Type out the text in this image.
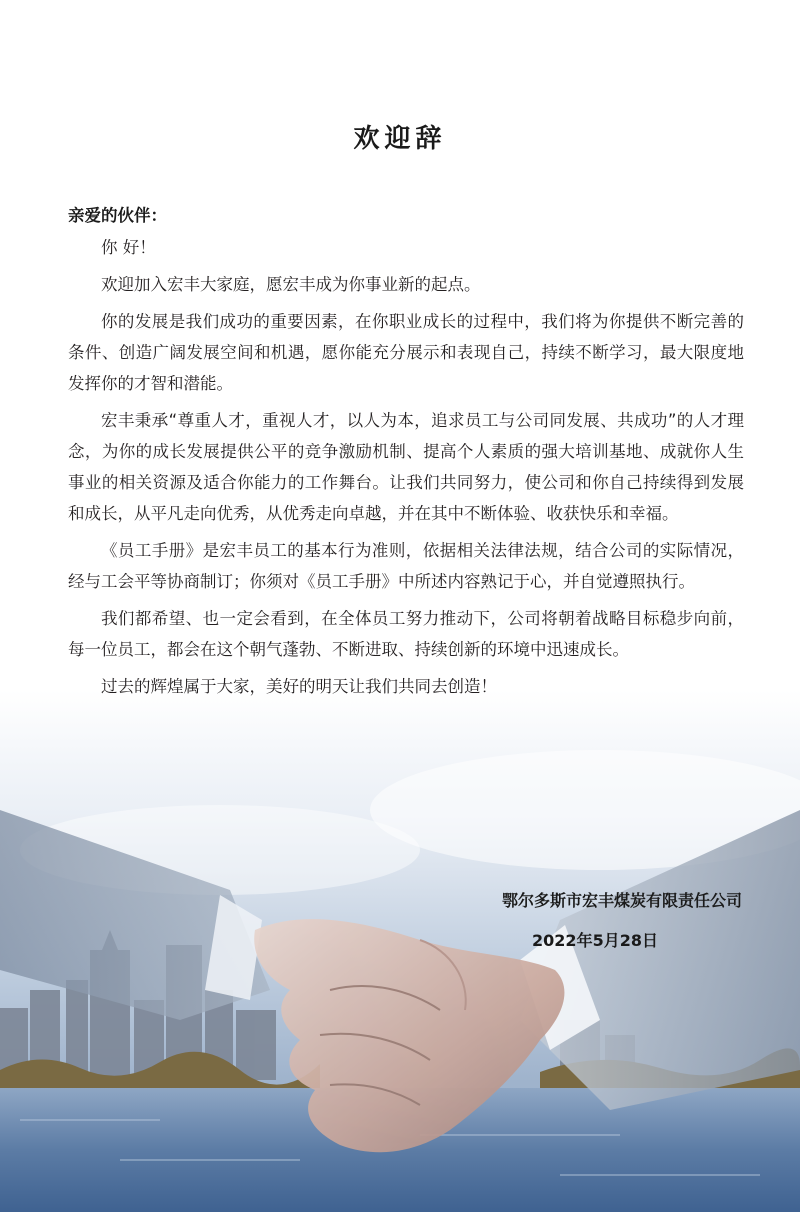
欢迎辞
亲爱的伙伴：

你 好！

欢迎加入宏丰大家庭，愿宏丰成为你事业新的起点。

你的发展是我们成功的重要因素，在你职业成长的过程中，我们将为你提供不断完善的条件、创造广阔发展空间和机遇，愿你能充分展示和表现自己，持续不断学习，最大限度地发挥你的才智和潜能。

宏丰秉承“尊重人才，重视人才，以人为本，追求员工与公司同发展、共成功”的人才理念，为你的成长发展提供公平的竞争激励机制、提高个人素质的强大培训基地、成就你人生事业的相关资源及适合你能力的工作舞台。让我们共同努力，使公司和你自己持续得到发展和成长，从平凡走向优秀，从优秀走向卓越，并在其中不断体验、收获快乐和幸福。

《员工手册》是宏丰员工的基本行为准则，依据相关法律法规，结合公司的实际情况，经与工会平等协商制订；你须对《员工手册》中所述内容熟记于心，并自觉遵照执行。

我们都希望、也一定会看到，在全体员工努力推动下，公司将朝着战略目标稳步向前，每一位员工，都会在这个朝气蓬勃、不断进取、持续创新的环境中迅速成长。

过去的辉煌属于大家，美好的明天让我们共同去创造！

鄂尔多斯市宏丰煤炭有限责任公司
2022年5月28日
